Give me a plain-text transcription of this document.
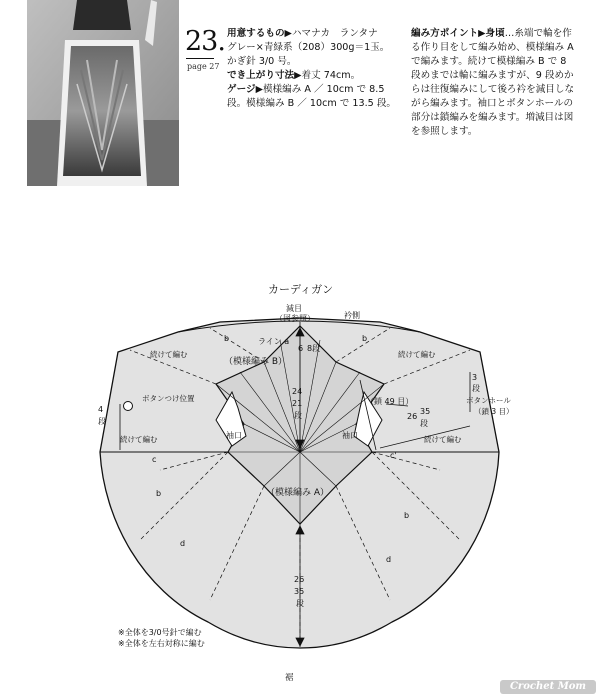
23.
page 27

用意するもの▶ハマナカ　ランタナ

グレー×青緑系（208）300g＝1玉。

かぎ針 3/0 号。

でき上がり寸法▶着丈 74cm。

ゲージ▶模様編み A ／ 10cm で 8.5

段。模様編み B ／ 10cm で 13.5 段。

編み方ポイント▶身頃…糸端で輪を作

る作り目をして編み始め、模様編み A

で編みます。続けて模様編み B で 8

段めまでは輪に編みますが、9 段めか

らは往復編みにして後ろ衿を減目しな

がら編みます。袖口とボタンホールの

部分は鎖編みを編みます。増減目は図

を参照します。

カーディガン
減目
（図参照）	衿側
ライン a
b	b
6 8段
（模様編み B）
続けて編む	続けて編む
ボタンつけ位置
4
段
3
段
ボタンホール
（鎖 3 目）
（鎖 49 目）
24
21
段	26
35
段
続けて編む	続けて編む
袖口	袖口
c	c'
b
b
（模様編み A）
d
d
26
35
段
※全体を3/0号針で編む
※全体を左右対称に編む
裾
Crochet Mom
